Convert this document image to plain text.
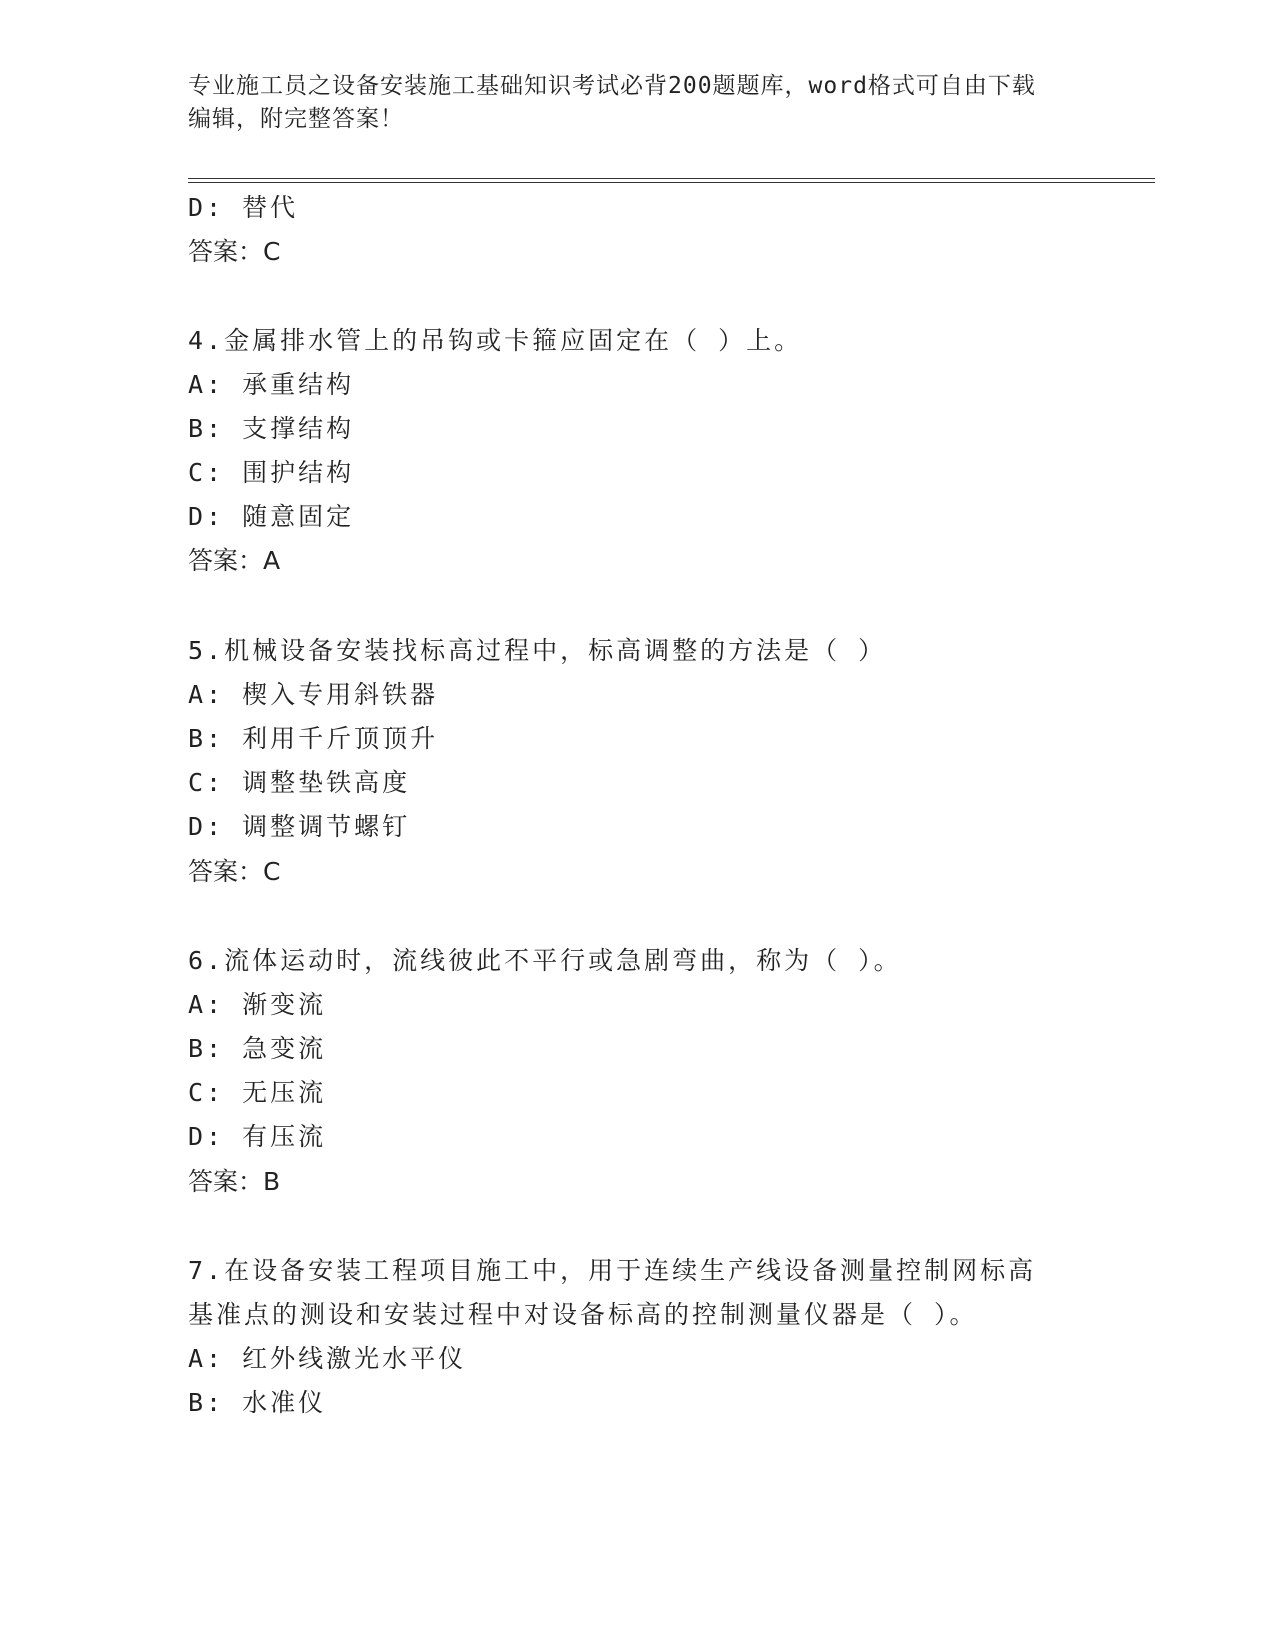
专业施工员之设备安装施工基础知识考试必背200题题库，word格式可自由下载
编辑，附完整答案！
D: 替代
答案：C
4.金属排水管上的吊钩或卡箍应固定在（ ）上。
A: 承重结构
B: 支撑结构
C: 围护结构
D: 随意固定
答案：A
5.机械设备安装找标高过程中，标高调整的方法是（ ）
A: 楔入专用斜铁器
B: 利用千斤顶顶升
C: 调整垫铁高度
D: 调整调节螺钉
答案：C
6.流体运动时，流线彼此不平行或急剧弯曲，称为（ ）。
A: 渐变流
B: 急变流
C: 无压流
D: 有压流
答案：B
7.在设备安装工程项目施工中，用于连续生产线设备测量控制网标高
基准点的测设和安装过程中对设备标高的控制测量仪器是（ ）。
A: 红外线激光水平仪
B: 水准仪
